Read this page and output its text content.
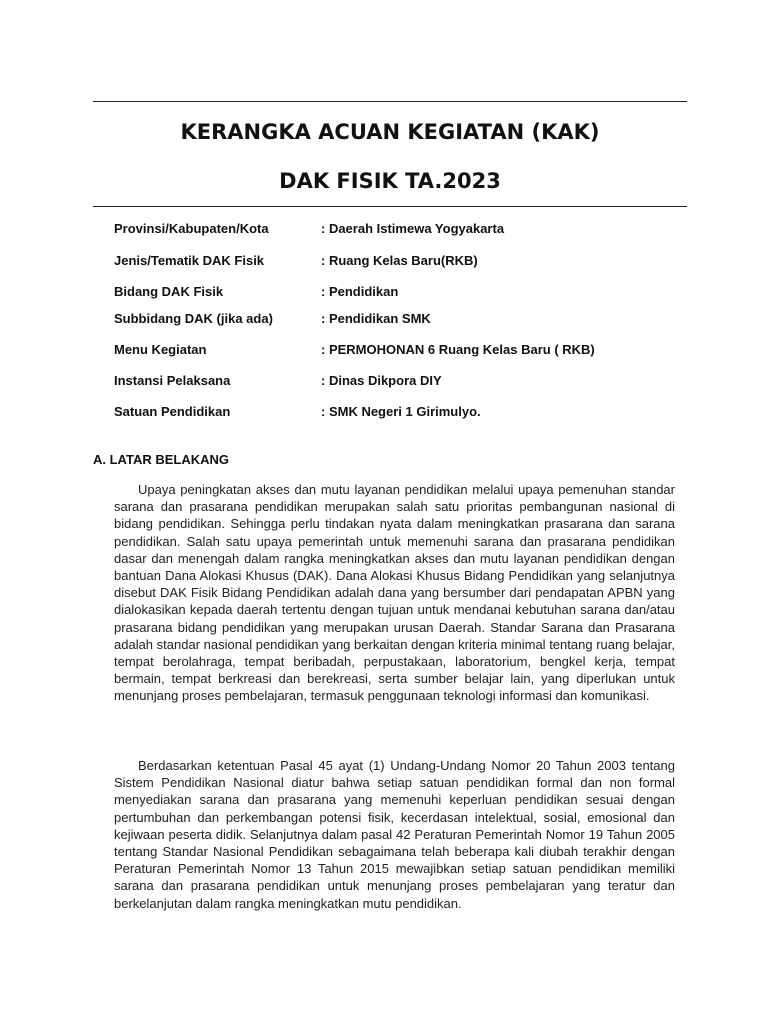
KERANGKA ACUAN KEGIATAN (KAK)
DAK FISIK TA.2023
Provinsi/Kabupaten/Kota	: Daerah Istimewa Yogyakarta
Jenis/Tematik DAK Fisik	: Ruang Kelas Baru(RKB)
Bidang DAK Fisik	: Pendidikan
Subbidang DAK (jika ada)	: Pendidikan SMK
Menu Kegiatan	: PERMOHONAN 6 Ruang Kelas Baru ( RKB)
Instansi Pelaksana	: Dinas Dikpora DIY
Satuan Pendidikan	: SMK Negeri 1 Girimulyo.
A. LATAR BELAKANG

Upaya peningkatan akses dan mutu layanan pendidikan melalui upaya pemenuhan standar sarana dan prasarana pendidikan merupakan salah satu prioritas pembangunan nasional di bidang pendidikan. Sehingga perlu tindakan nyata dalam meningkatkan prasarana dan sarana pendidikan. Salah satu upaya pemerintah untuk memenuhi sarana dan prasarana pendidikan dasar dan menengah dalam rangka meningkatkan akses dan mutu layanan pendidikan dengan bantuan Dana Alokasi Khusus (DAK). Dana Alokasi Khusus Bidang Pendidikan yang selanjutnya disebut DAK Fisik Bidang Pendidikan adalah dana yang bersumber dari pendapatan APBN yang dialokasikan kepada daerah tertentu dengan tujuan untuk mendanai kebutuhan sarana dan/atau prasarana bidang pendidikan yang merupakan urusan Daerah. Standar Sarana dan Prasarana adalah standar nasional pendidikan yang berkaitan dengan kriteria minimal tentang ruang belajar, tempat berolahraga, tempat beribadah, perpustakaan, laboratorium, bengkel kerja, tempat bermain, tempat berkreasi dan berekreasi, serta sumber belajar lain, yang diperlukan untuk menunjang proses pembelajaran, termasuk penggunaan teknologi informasi dan komunikasi.

Berdasarkan ketentuan Pasal 45 ayat (1) Undang-Undang Nomor 20 Tahun 2003 tentang Sistem Pendidikan Nasional diatur bahwa setiap satuan pendidikan formal dan non formal menyediakan sarana dan prasarana yang memenuhi keperluan pendidikan sesuai dengan pertumbuhan dan perkembangan potensi fisik, kecerdasan intelektual, sosial, emosional dan kejiwaan peserta didik. Selanjutnya dalam pasal 42 Peraturan Pemerintah Nomor 19 Tahun 2005 tentang Standar Nasional Pendidikan sebagaimana telah beberapa kali diubah terakhir dengan Peraturan Pemerintah Nomor 13 Tahun 2015 mewajibkan setiap satuan pendidikan memiliki sarana dan prasarana pendidikan untuk menunjang proses pembelajaran yang teratur dan berkelanjutan dalam rangka meningkatkan mutu pendidikan.
